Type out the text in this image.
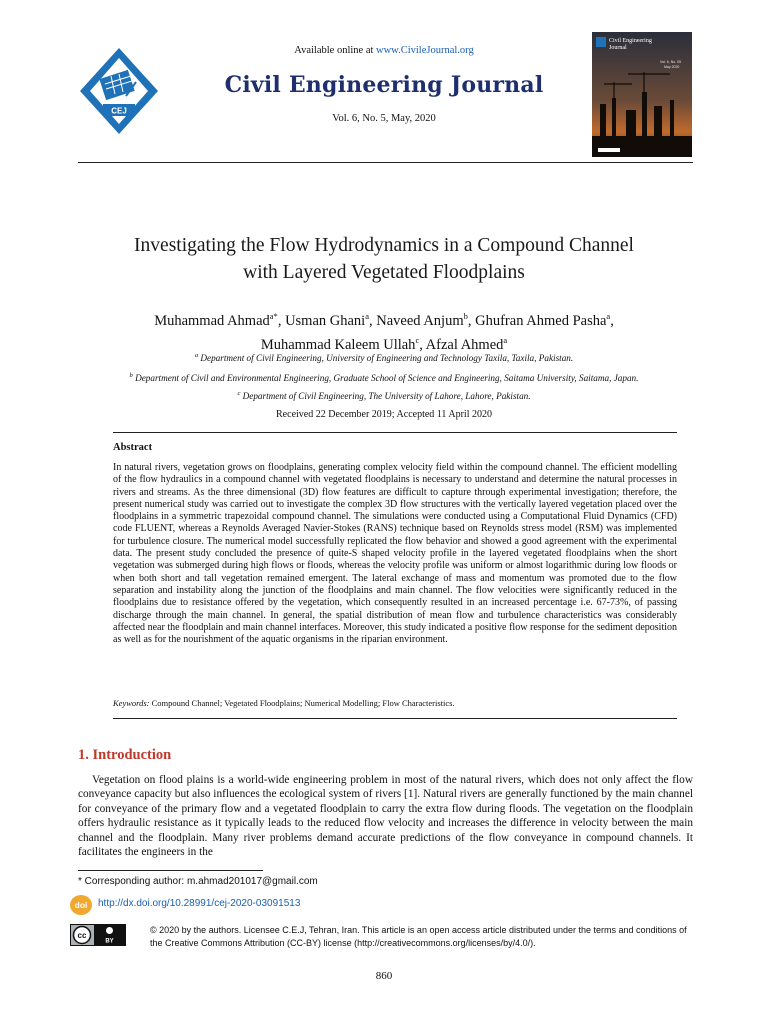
CEJ
Available online at www.CivileJournal.org
Civil Engineering Journal
Vol. 6, No. 5, May, 2020
Civil Engineering
Journal
Vol. 6, No. 05
May 2020
Investigating the Flow Hydrodynamics in a Compound Channel
with Layered Vegetated Floodplains
Muhammad Ahmad$^{a*}$, Usman Ghani$^a$, Naveed Anjum$^b$, Ghufran Ahmed Pasha$^a$,
Muhammad Kaleem Ullah$^c$, Afzal Ahmed$^a$
$^a$ Department of Civil Engineering, University of Engineering and Technology Taxila, Taxila, Pakistan.
$^b$ Department of Civil and Environmental Engineering, Graduate School of Science and Engineering, Saitama University, Saitama, Japan.
$^c$ Department of Civil Engineering, The University of Lahore, Lahore, Pakistan.
Received 22 December 2019; Accepted 11 April 2020
Abstract
In natural rivers, vegetation grows on floodplains, generating complex velocity field within the compound channel. The efficient modelling of the flow hydraulics in a compound channel with vegetated floodplains is necessary to understand and determine the natural processes in rivers and streams. As the three dimensional (3D) flow features are difficult to capture through experimental investigation; therefore, the present numerical study was carried out to investigate the complex 3D flow structures with the vertically layered vegetation placed over the floodplains in a symmetric trapezoidal compound channel. The simulations were conducted using a Computational Fluid Dynamics (CFD) code FLUENT, whereas a Reynolds Averaged Navier-Stokes (RANS) technique based on Reynolds stress model (RSM) was implemented for turbulence closure. The numerical model successfully replicated the flow behavior and showed a good agreement with the experimental data. The present study concluded the presence of quite-S shaped velocity profile in the layered vegetated floodplains when the short vegetation was submerged during high flows or floods, whereas the velocity profile was uniform or almost logarithmic during low floods or when both short and tall vegetation remained emergent. The lateral exchange of mass and momentum was promoted due to the flow separation and instability along the junction of the floodplains and main channel. The flow velocities were significantly reduced in the floodplains due to resistance offered by the vegetation, which consequently resulted in an increased percentage i.e. 67-73%, of passing discharge through the main channel. In general, the spatial distribution of mean flow and turbulence characteristics was considerably affected near the floodplain and main channel interfaces. Moreover, this study indicated a positive flow response for the sediment deposition as well as for the nourishment of the aquatic organisms in the riparian environment.
Keywords: Compound Channel; Vegetated Floodplains; Numerical Modelling; Flow Characteristics.
1. Introduction

Vegetation on flood plains is a world-wide engineering problem in most of the natural rivers, which does not only affect the flow conveyance capacity but also influences the ecological system of rivers [1]. Natural rivers are generally functioned by the main channel for conveyance of the primary flow and a vegetated floodplain to carry the extra flow during floods. The vegetation on the floodplain offers hydraulic resistance as it typically leads to the reduced flow velocity and increases the difference in velocity between the main channel and the floodplain. Many river problems demand accurate predictions of the flow conveyance in compound channels. It facilitates the engineers in the

* Corresponding author: m.ahmad201017@gmail.com
doi	http://dx.doi.org/10.28991/cej-2020-03091513
cc
BY
© 2020 by the authors. Licensee C.E.J, Tehran, Iran. This article is an open access article distributed under the terms and conditions of the Creative Commons Attribution (CC-BY) license (http://creativecommons.org/licenses/by/4.0/).
860
